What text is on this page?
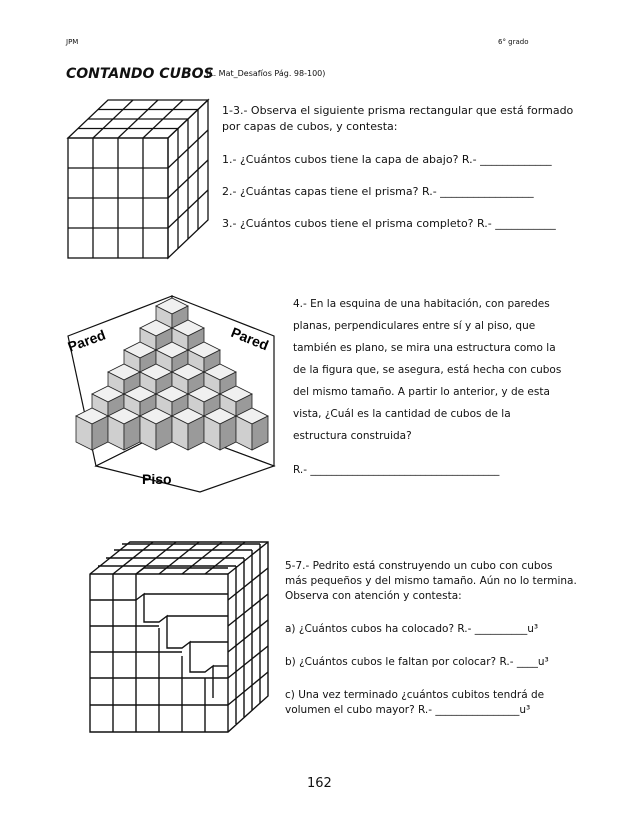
JPM	6° grado
CONTANDO CUBOS
(L. Mat_Desafíos Pág. 98-100)
1-3.- Observa el siguiente prisma rectangular que está formado
por capas de cubos, y contesta:
1.- ¿Cuántos cubos tiene la capa de abajo? R.- _____________
2.- ¿Cuántas capas tiene el prisma? R.- _________________
3.- ¿Cuántos cubos tiene el prisma completo? R.- ___________
Pared	Pared
Piso
4.- En la esquina de una habitación, con paredes
planas, perpendiculares entre sí y al piso, que
también es plano, se mira una estructura como la
de la figura que, se asegura, está hecha con cubos
del mismo tamaño. A partir lo anterior, y de esta
vista, ¿Cuál es la cantidad de cubos de la
estructura construida?
R.- ____________________________________
5-7.- Pedrito está construyendo un cubo con cubos
más pequeños y del mismo tamaño. Aún no lo termina.
Observa con atención y contesta:
a) ¿Cuántos cubos ha colocado? R.- __________u³
b) ¿Cuántos cubos le faltan por colocar? R.- ____u³
c) Una vez terminado ¿cuántos cubitos tendrá de
volumen el cubo mayor? R.- ________________u³
162
